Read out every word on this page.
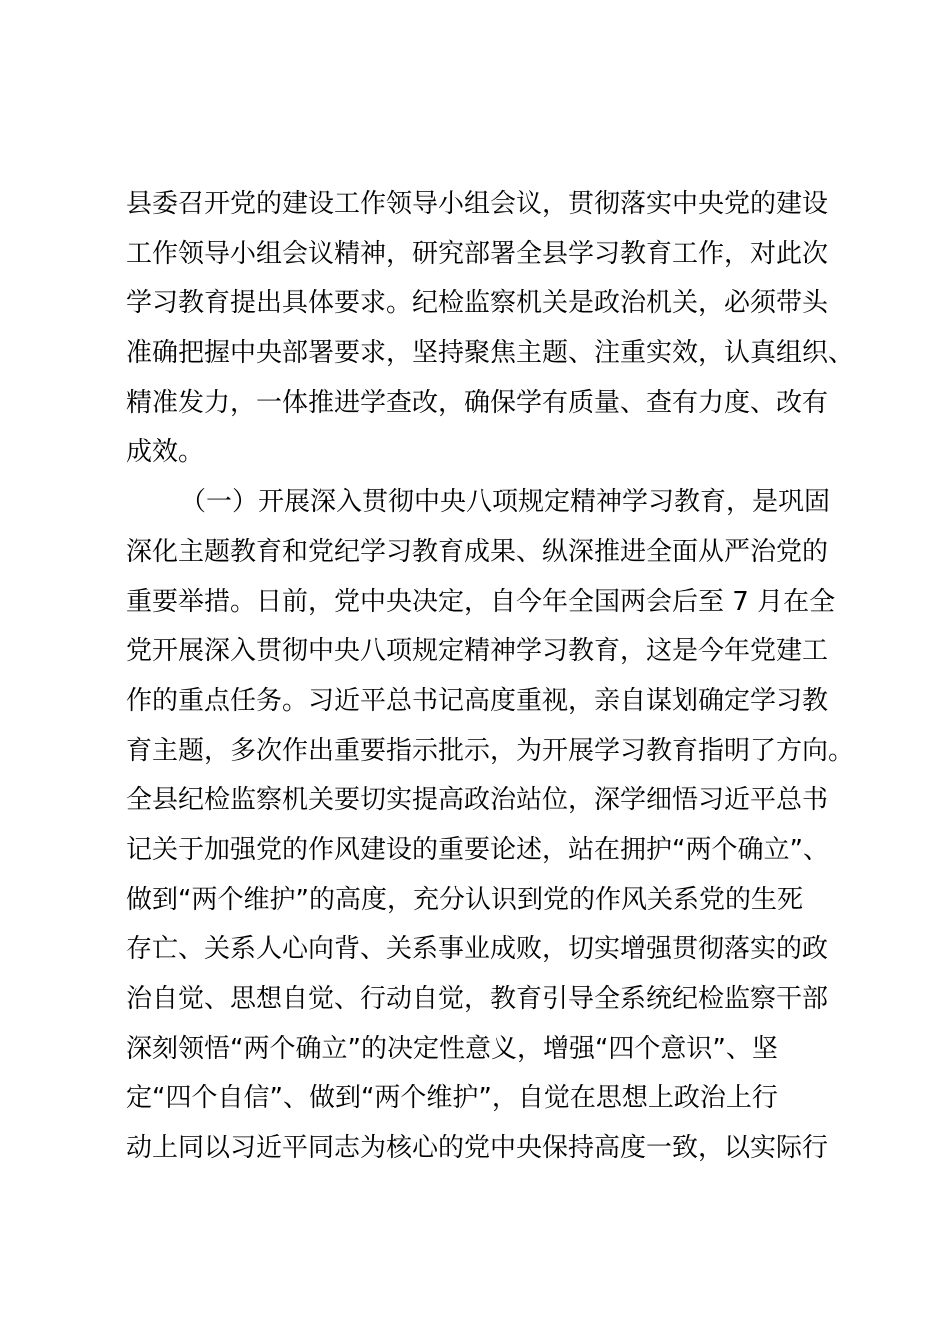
县委召开党的建设工作领导小组会议，贯彻落实中央党的建设
工作领导小组会议精神，研究部署全县学习教育工作，对此次
学习教育提出具体要求。纪检监察机关是政治机关，必须带头
准确把握中央部署要求，坚持聚焦主题、注重实效，认真组织、
精准发力，一体推进学查改，确保学有质量、查有力度、改有
成效。
（一）开展深入贯彻中央八项规定精神学习教育，是巩固
深化主题教育和党纪学习教育成果、纵深推进全面从严治党的
重要举措。日前，党中央决定，自今年全国两会后至 7 月在全
党开展深入贯彻中央八项规定精神学习教育，这是今年党建工
作的重点任务。习近平总书记高度重视，亲自谋划确定学习教
育主题，多次作出重要指示批示，为开展学习教育指明了方向。
全县纪检监察机关要切实提高政治站位，深学细悟习近平总书
记关于加强党的作风建设的重要论述，站在拥护“两个确立”、
做到“两个维护”的高度，充分认识到党的作风关系党的生死
存亡、关系人心向背、关系事业成败，切实增强贯彻落实的政
治自觉、思想自觉、行动自觉，教育引导全系统纪检监察干部
深刻领悟“两个确立”的决定性意义，增强“四个意识”、坚
定“四个自信”、做到“两个维护”，自觉在思想上政治上行
动上同以习近平同志为核心的党中央保持高度一致，以实际行
